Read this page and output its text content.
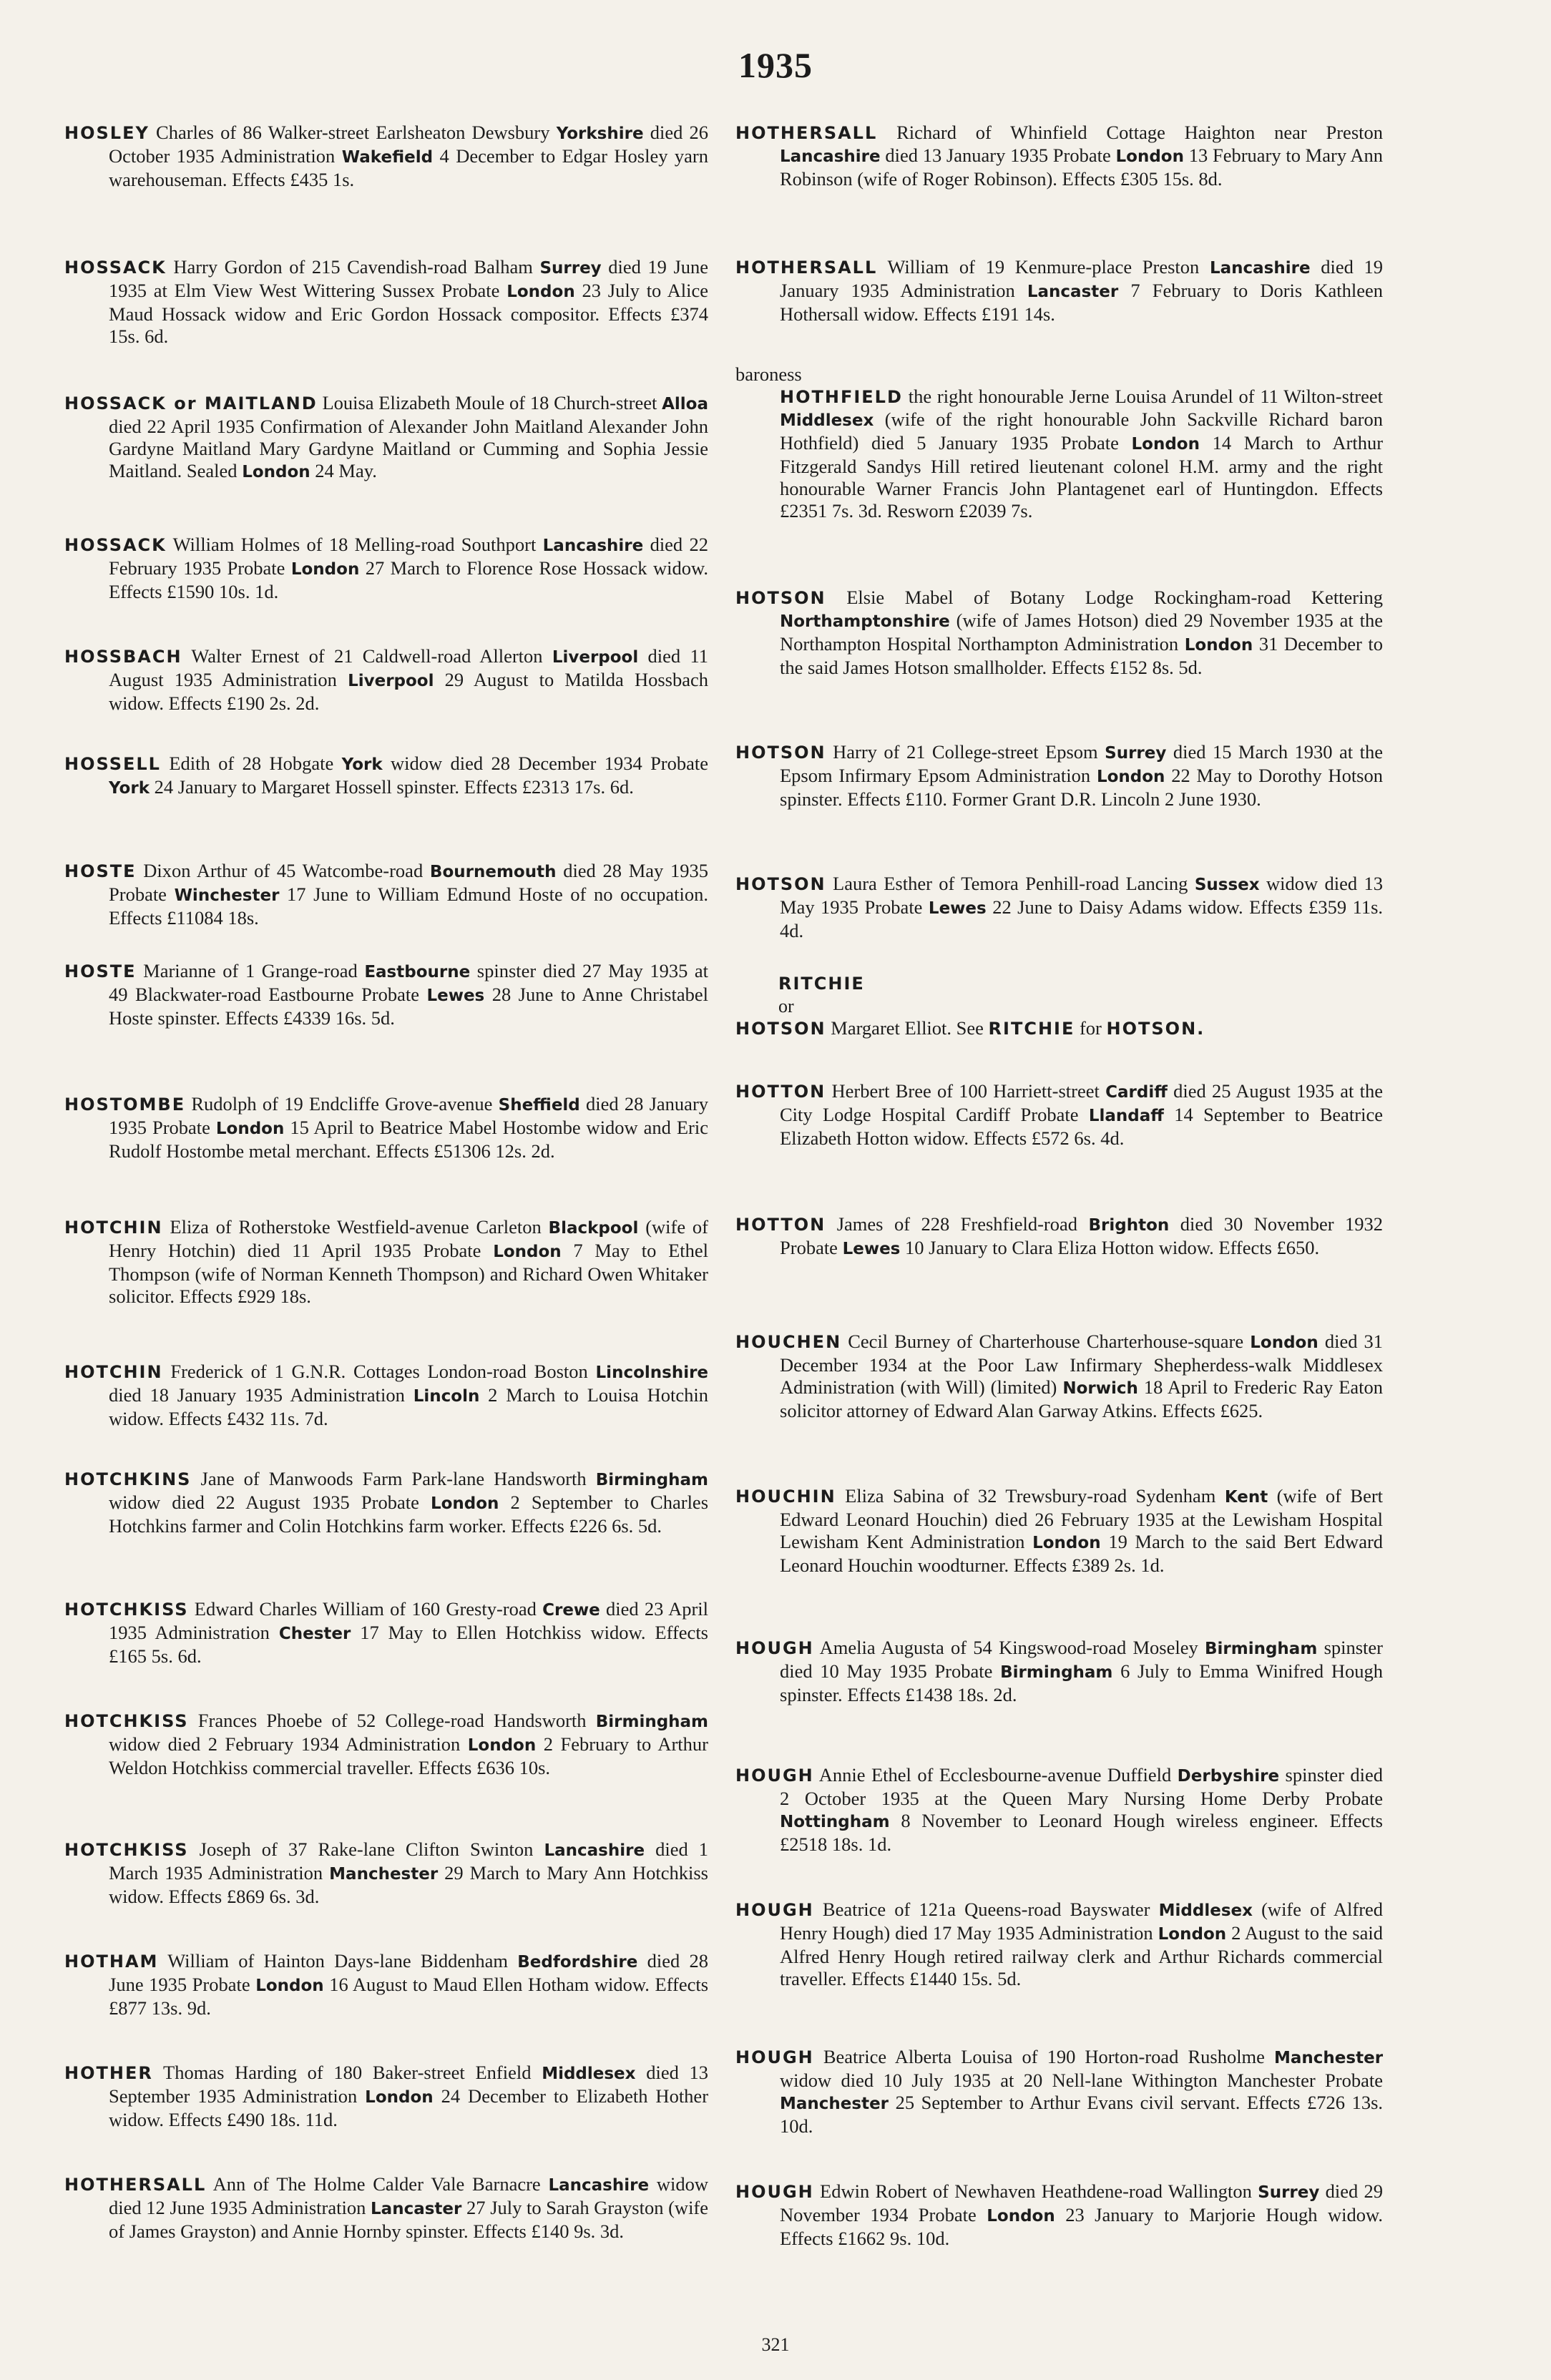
1935
HOSLEY Charles of 86 Walker-street Earlsheaton Dewsbury Yorkshire died 26 October 1935 Administration Wakefield 4 December to Edgar Hosley yarn warehouseman. Effects £435 1s.
HOSSACK Harry Gordon of 215 Cavendish-road Balham Surrey died 19 June 1935 at Elm View West Wittering Sussex Probate London 23 July to Alice Maud Hossack widow and Eric Gordon Hossack compositor. Effects £374 15s. 6d.
HOSSACK or MAITLAND Louisa Elizabeth Moule of 18 Church-street Alloa died 22 April 1935 Confirmation of Alexander John Maitland Alexander John Gardyne Maitland Mary Gardyne Maitland or Cumming and Sophia Jessie Maitland. Sealed London 24 May.
HOSSACK William Holmes of 18 Melling-road Southport Lancashire died 22 February 1935 Probate London 27 March to Florence Rose Hossack widow. Effects £1590 10s. 1d.
HOSSBACH Walter Ernest of 21 Caldwell-road Allerton Liverpool died 11 August 1935 Administration Liverpool 29 August to Matilda Hossbach widow. Effects £190 2s. 2d.
HOSSELL Edith of 28 Hobgate York widow died 28 December 1934 Probate York 24 January to Margaret Hossell spinster. Effects £2313 17s. 6d.
HOSTE Dixon Arthur of 45 Watcombe-road Bournemouth died 28 May 1935 Probate Winchester 17 June to William Edmund Hoste of no occupation. Effects £11084 18s.
HOSTE Marianne of 1 Grange-road Eastbourne spinster died 27 May 1935 at 49 Blackwater-road Eastbourne Probate Lewes 28 June to Anne Christabel Hoste spinster. Effects £4339 16s. 5d.
HOSTOMBE Rudolph of 19 Endcliffe Grove-avenue Sheffield died 28 January 1935 Probate London 15 April to Beatrice Mabel Hostombe widow and Eric Rudolf Hostombe metal merchant. Effects £51306 12s. 2d.
HOTCHIN Eliza of Rotherstoke Westfield-avenue Carleton Blackpool (wife of Henry Hotchin) died 11 April 1935 Probate London 7 May to Ethel Thompson (wife of Norman Kenneth Thompson) and Richard Owen Whitaker solicitor. Effects £929 18s.
HOTCHIN Frederick of 1 G.N.R. Cottages London-road Boston Lincolnshire died 18 January 1935 Administration Lincoln 2 March to Louisa Hotchin widow. Effects £432 11s. 7d.
HOTCHKINS Jane of Manwoods Farm Park-lane Handsworth Birmingham widow died 22 August 1935 Probate London 2 September to Charles Hotchkins farmer and Colin Hotchkins farm worker. Effects £226 6s. 5d.
HOTCHKISS Edward Charles William of 160 Gresty-road Crewe died 23 April 1935 Administration Chester 17 May to Ellen Hotchkiss widow. Effects £165 5s. 6d.
HOTCHKISS Frances Phoebe of 52 College-road Handsworth Birmingham widow died 2 February 1934 Administration London 2 February to Arthur Weldon Hotchkiss commercial traveller. Effects £636 10s.
HOTCHKISS Joseph of 37 Rake-lane Clifton Swinton Lancashire died 1 March 1935 Administration Manchester 29 March to Mary Ann Hotchkiss widow. Effects £869 6s. 3d.
HOTHAM William of Hainton Days-lane Biddenham Bedfordshire died 28 June 1935 Probate London 16 August to Maud Ellen Hotham widow. Effects £877 13s. 9d.
HOTHER Thomas Harding of 180 Baker-street Enfield Middlesex died 13 September 1935 Administration London 24 December to Elizabeth Hother widow. Effects £490 18s. 11d.
HOTHERSALL Ann of The Holme Calder Vale Barnacre Lancashire widow died 12 June 1935 Administration Lancaster 27 July to Sarah Grayston (wife of James Grayston) and Annie Hornby spinster. Effects £140 9s. 3d.
HOTHERSALL Richard of Whinfield Cottage Haighton near Preston Lancashire died 13 January 1935 Probate London 13 February to Mary Ann Robinson (wife of Roger Robinson). Effects £305 15s. 8d.
HOTHERSALL William of 19 Kenmure-place Preston Lancashire died 19 January 1935 Administration Lancaster 7 February to Doris Kathleen Hothersall widow. Effects £191 14s.
baroness
HOTHFIELD the right honourable Jerne Louisa Arundel of 11 Wilton-street Middlesex (wife of the right honourable John Sackville Richard baron Hothfield) died 5 January 1935 Probate London 14 March to Arthur Fitzgerald Sandys Hill retired lieutenant colonel H.M. army and the right honourable Warner Francis John Plantagenet earl of Huntingdon. Effects £2351 7s. 3d. Resworn £2039 7s.
HOTSON Elsie Mabel of Botany Lodge Rockingham-road Kettering Northamptonshire (wife of James Hotson) died 29 November 1935 at the Northampton Hospital Northampton Administration London 31 December to the said James Hotson smallholder. Effects £152 8s. 5d.
HOTSON Harry of 21 College-street Epsom Surrey died 15 March 1930 at the Epsom Infirmary Epsom Administration London 22 May to Dorothy Hotson spinster. Effects £110. Former Grant D.R. Lincoln 2 June 1930.
HOTSON Laura Esther of Temora Penhill-road Lancing Sussex widow died 13 May 1935 Probate Lewes 22 June to Daisy Adams widow. Effects £359 11s. 4d.
RITCHIE
or
HOTSON Margaret Elliot. See RITCHIE for HOTSON.
HOTTON Herbert Bree of 100 Harriett-street Cardiff died 25 August 1935 at the City Lodge Hospital Cardiff Probate Llandaff 14 September to Beatrice Elizabeth Hotton widow. Effects £572 6s. 4d.
HOTTON James of 228 Freshfield-road Brighton died 30 November 1932 Probate Lewes 10 January to Clara Eliza Hotton widow. Effects £650.
HOUCHEN Cecil Burney of Charterhouse Charterhouse-square London died 31 December 1934 at the Poor Law Infirmary Shepherdess-walk Middlesex Administration (with Will) (limited) Norwich 18 April to Frederic Ray Eaton solicitor attorney of Edward Alan Garway Atkins. Effects £625.
HOUCHIN Eliza Sabina of 32 Trewsbury-road Sydenham Kent (wife of Bert Edward Leonard Houchin) died 26 February 1935 at the Lewisham Hospital Lewisham Kent Administration London 19 March to the said Bert Edward Leonard Houchin woodturner. Effects £389 2s. 1d.
HOUGH Amelia Augusta of 54 Kingswood-road Moseley Birmingham spinster died 10 May 1935 Probate Birmingham 6 July to Emma Winifred Hough spinster. Effects £1438 18s. 2d.
HOUGH Annie Ethel of Ecclesbourne-avenue Duffield Derbyshire spinster died 2 October 1935 at the Queen Mary Nursing Home Derby Probate Nottingham 8 November to Leonard Hough wireless engineer. Effects £2518 18s. 1d.
HOUGH Beatrice of 121a Queens-road Bayswater Middlesex (wife of Alfred Henry Hough) died 17 May 1935 Administration London 2 August to the said Alfred Henry Hough retired railway clerk and Arthur Richards commercial traveller. Effects £1440 15s. 5d.
HOUGH Beatrice Alberta Louisa of 190 Horton-road Rusholme Manchester widow died 10 July 1935 at 20 Nell-lane Withington Manchester Probate Manchester 25 September to Arthur Evans civil servant. Effects £726 13s. 10d.
HOUGH Edwin Robert of Newhaven Heathdene-road Wallington Surrey died 29 November 1934 Probate London 23 January to Marjorie Hough widow. Effects £1662 9s. 10d.
321
